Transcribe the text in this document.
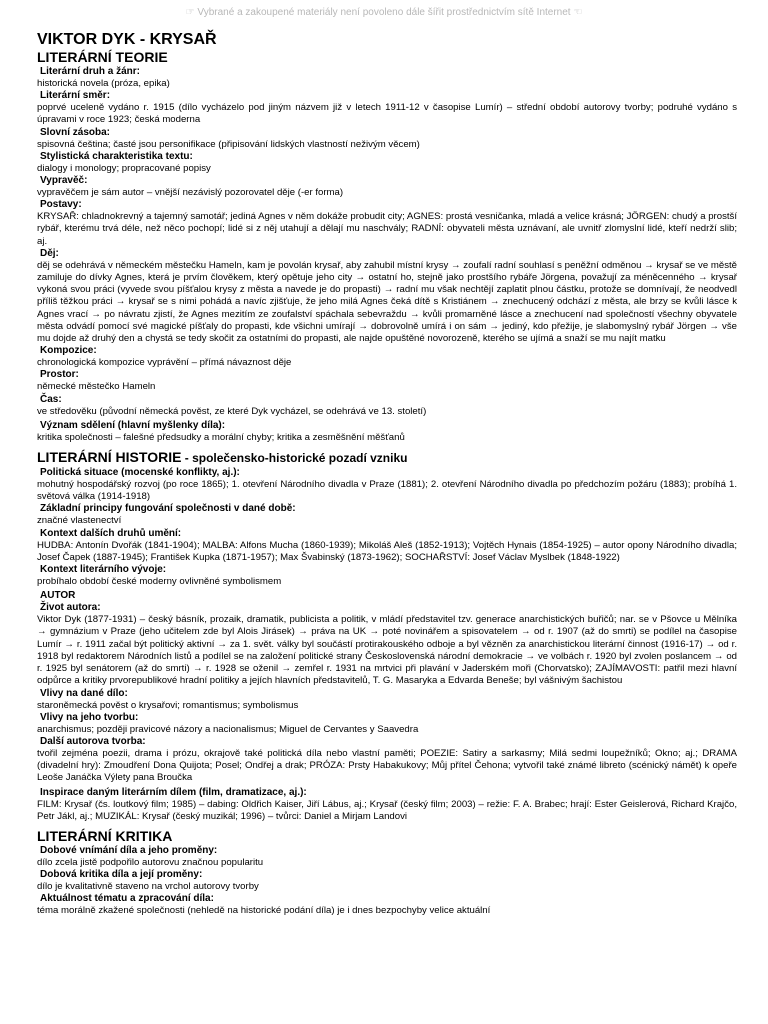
☞ Vybrané a zakoupené materiály není povoleno dále šířit prostřednictvím sítě Internet ☜
VIKTOR DYK - KRYSAŘ
LITERÁRNÍ TEORIE
Literární druh a žánr:

historická novela (próza, epika)

Literární směr:

poprvé uceleně vydáno r. 1915 (dílo vycházelo pod jiným názvem již v letech 1911-12 v časopise Lumír) – střední období autorovy tvorby; podruhé vydáno s úpravami v roce 1923; česká moderna

Slovní zásoba:

spisovná čeština; časté jsou personifikace (připisování lidských vlastností neživým věcem)

Stylistická charakteristika textu:

dialogy i monology; propracované popisy

Vypravěč:

vypravěčem je sám autor – vnější nezávislý pozorovatel děje (-er forma)

Postavy:

KRYSAŘ: chladnokrevný a tajemný samotář; jediná Agnes v něm dokáže probudit city; AGNES: prostá vesničanka, mladá a velice krásná; JÖRGEN: chudý a prostší rybář, kterému trvá déle, než něco pochopí; lidé si z něj utahují a dělají mu naschvály; RADNÍ: obyvateli města uznávaní, ale uvnitř zlomyslní lidé, kteří nedrží slib; aj.

Děj:

děj se odehrává v německém městečku Hameln, kam je povolán krysař, aby zahubil místní krysy → zoufalí radní souhlasí s peněžní odměnou → krysař se ve městě zamiluje do dívky Agnes, která je prvím člověkem, který opětuje jeho city → ostatní ho, stejně jako prostšího rybáře Jörgena, považují za méněcenného → krysař vykoná svou práci (vyvede svou píšťalou krysy z města a navede je do propasti) → radní mu však nechtějí zaplatit plnou částku, protože se domnívají, že neodvedl příliš těžkou práci → krysař se s nimi pohádá a navíc zjišťuje, že jeho milá Agnes čeká dítě s Kristiánem → znechucený odchází z města, ale brzy se kvůli lásce k Agnes vrací → po návratu zjistí, že Agnes mezitím ze zoufalství spáchala sebevraždu → kvůli promarněné lásce a znechucení nad společností všechny obyvatele města odvádí pomocí své magické píšťaly do propasti, kde všichni umírají → dobrovolně umírá i on sám → jediný, kdo přežije, je slabomyslný rybář Jörgen → vše mu dojde až druhý den a chystá se tedy skočit za ostatními do propasti, ale najde opuštěné novorozeně, kterého se ujímá a snaží se mu najít matku

Kompozice:

chronologická kompozice vyprávění – přímá návaznost děje

Prostor:

německé městečko Hameln

Čas:

ve středověku (původní německá pověst, ze které Dyk vycházel, se odehrává ve 13. století)

Význam sdělení (hlavní myšlenky díla):

kritika společnosti – falešné předsudky a morální chyby; kritika a zesměšnění měšťanů

LITERÁRNÍ HISTORIE - společensko-historické pozadí vzniku
Politická situace (mocenské konflikty, aj.):

mohutný hospodářský rozvoj (po roce 1865); 1. otevření Národního divadla v Praze (1881); 2. otevření Národního divadla po předchozím požáru (1883); probíhá 1. světová válka (1914-1918)

Základní principy fungování společnosti v dané době:

značné vlastenectví

Kontext dalších druhů umění:

HUDBA: Antonín Dvořák (1841-1904); MALBA: Alfons Mucha (1860-1939); Mikoláš Aleš (1852-1913); Vojtěch Hynais (1854-1925) – autor opony Národního divadla; Josef Čapek (1887-1945); František Kupka (1871-1957); Max Švabinský (1873-1962); SOCHAŘSTVÍ: Josef Václav Myslbek (1848-1922)

Kontext literárního vývoje:

probíhalo období české moderny ovlivněné symbolismem

AUTOR
Život autora:

Viktor Dyk (1877-1931) – český básník, prozaik, dramatik, publicista a politik, v mládí představitel tzv. generace anarchistických buřičů; nar. se v Pšovce u Mělníka → gymnázium v Praze (jeho učitelem zde byl Alois Jirásek) → práva na UK → poté novinářem a spisovatelem → od r. 1907 (až do smrti) se podílel na časopise Lumír → r. 1911 začal být politický aktivní → za 1. svět. války byl součástí protirakouského odboje a byl vězněn za anarchistickou literární činnost (1916-17) → od r. 1918 byl redaktorem Národních listů a podílel se na založení politické strany Československá národní demokracie → ve volbách r. 1920 byl zvolen poslancem → od r. 1925 byl senátorem (až do smrti) → r. 1928 se oženil → zemřel r. 1931 na mrtvici při plavání v Jaderském moři (Chorvatsko); ZAJÍMAVOSTI: patřil mezi hlavní odpůrce a kritiky prvorepublikové hradní politiky a jejích hlavních představitelů, T. G. Masaryka a Edvarda Beneše; byl vášnivým šachistou

Vlivy na dané dílo:

staroněmecká pověst o krysařovi; romantismus; symbolismus

Vlivy na jeho tvorbu:

anarchismus; později pravicové názory a nacionalismus; Miguel de Cervantes y Saavedra

Další autorova tvorba:

tvořil zejména poezii, drama i prózu, okrajově také politická díla nebo vlastní paměti; POEZIE: Satiry a sarkasmy; Milá sedmi loupežníků; Okno; aj.; DRAMA (divadelní hry): Zmoudření Dona Quijota; Posel; Ondřej a drak; PRÓZA: Prsty Habakukovy; Můj přítel Čehona; vytvořil také známé libreto (scénický námět) k opeře Leoše Janáčka Výlety pana Broučka

Inspirace daným literárním dílem (film, dramatizace, aj.):

FILM: Krysař (čs. loutkový film; 1985) – dabing: Oldřich Kaiser, Jiří Lábus, aj.; Krysař (český film; 2003) – režie: F. A. Brabec; hrají: Ester Geislerová, Richard Krajčo, Petr Jákl, aj.; MUZIKÁL: Krysař (český muzikál; 1996) – tvůrci: Daniel a Mirjam Landovi

LITERÁRNÍ KRITIKA
Dobové vnímání díla a jeho proměny:

dílo zcela jistě podpořilo autorovu značnou popularitu

Dobová kritika díla a její proměny:

dílo je kvalitativně staveno na vrchol autorovy tvorby

Aktuálnost tématu a zpracování díla:

téma morálně zkažené společnosti (nehledě na historické podání díla) je i dnes bezpochyby velice aktuální
